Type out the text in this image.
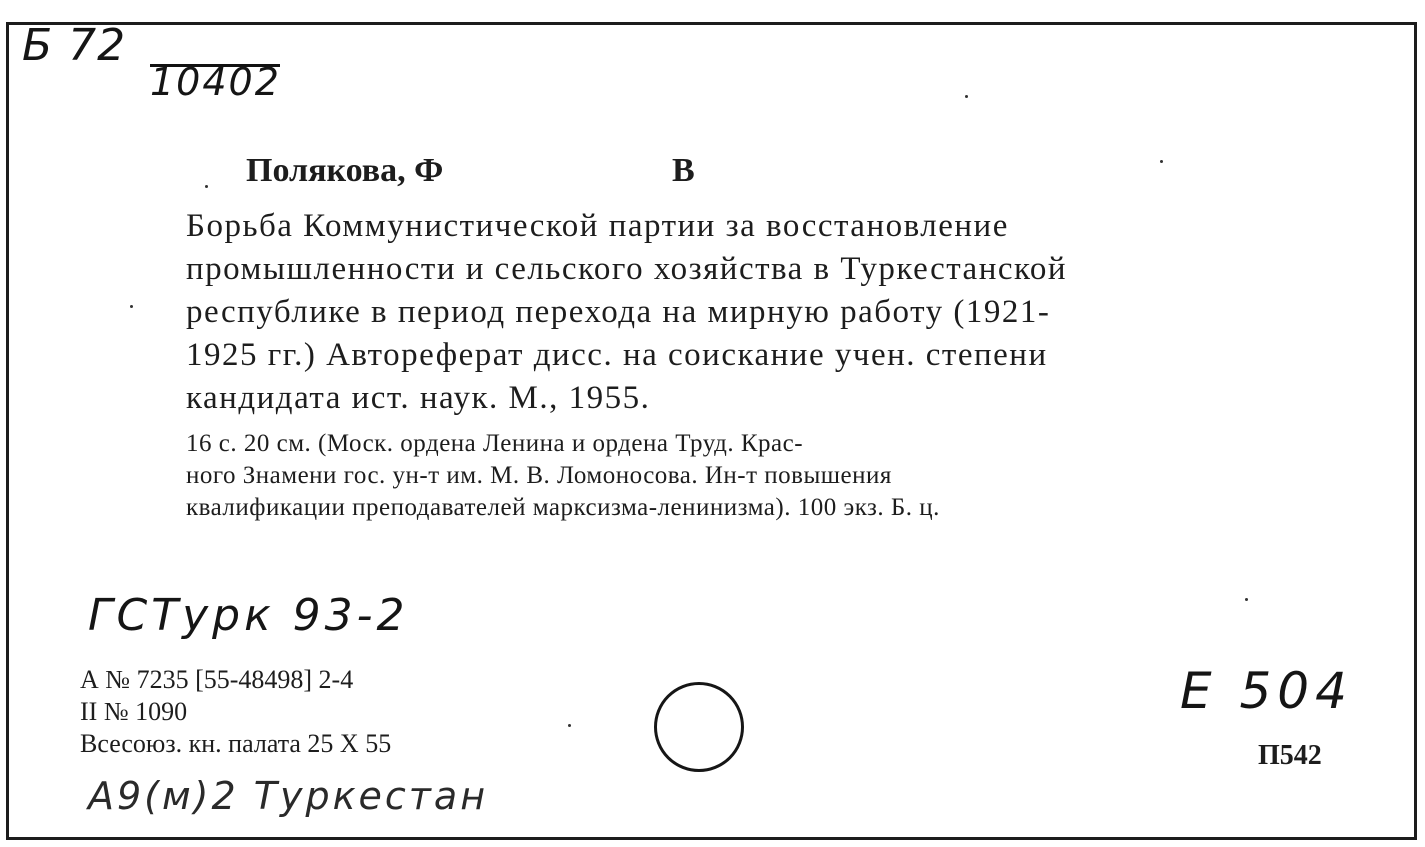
Б 72
10402
Полякова, Ф	В
Борьба Коммунистической партии за восстановление
промышленности и сельского хозяйства в Туркестанской
республике в период перехода на мирную работу (1921-
1925 гг.) Автореферат дисс. на соискание учен. степени
кандидата ист. наук. М., 1955.
16 с. 20 см. (Моск. ордена Ленина и ордена Труд. Крас-
ного Знамени гос. ун-т им. М. В. Ломоносова. Ин-т повышения
квалификации преподавателей марксизма-ленинизма). 100 экз. Б. ц.
ГСТурк 93-2
А № 7235 [55-48498] 2-4
II № 1090
Всесоюз. кн. палата 25 X 55
А9(м)2 Туркестан
Е 504
П542
